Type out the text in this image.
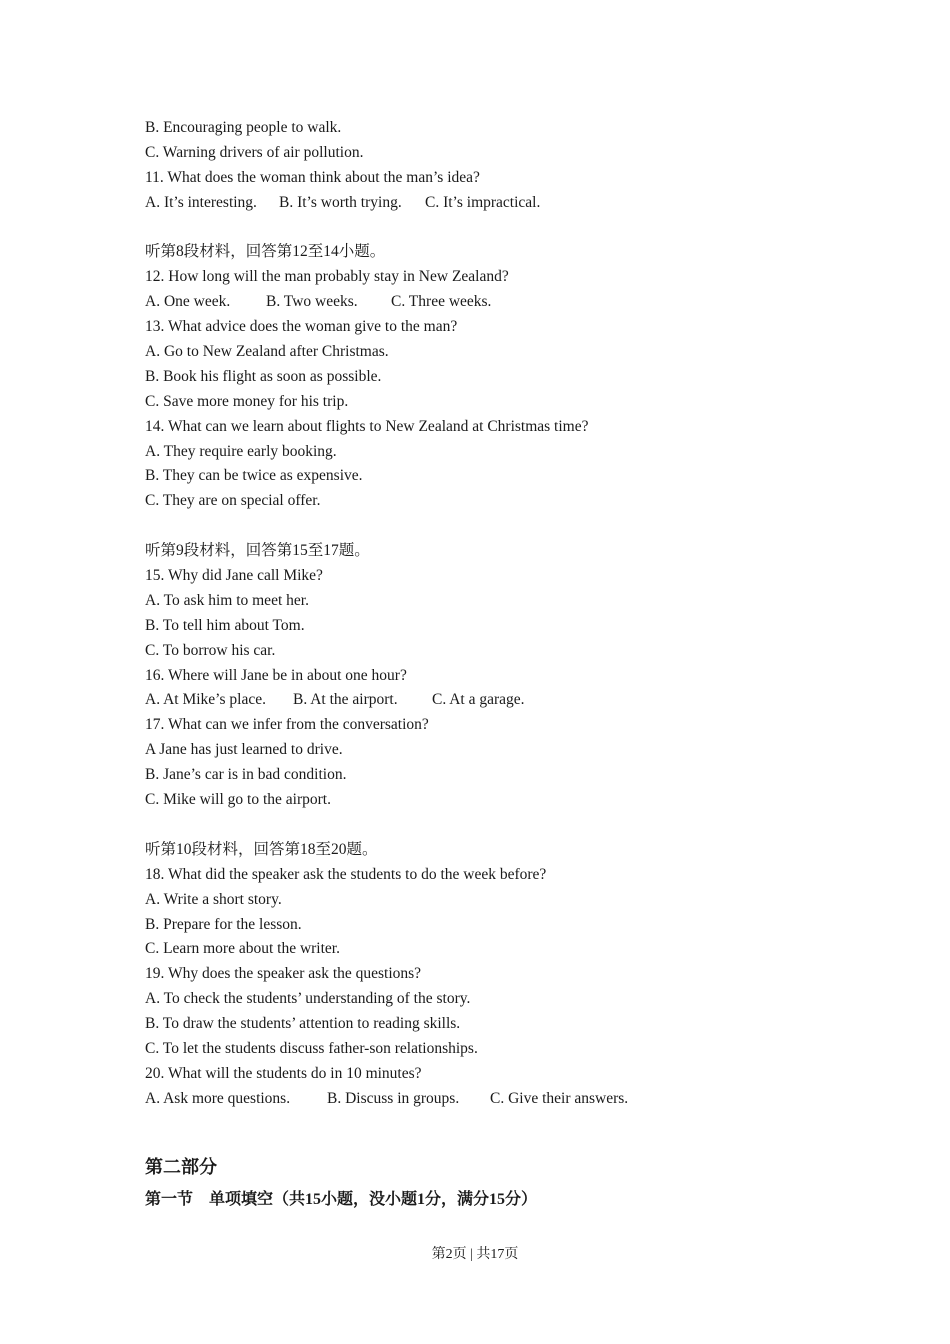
B. Encouraging people to walk.
C. Warning drivers of air pollution.
11. What does the woman think about the man’s idea?
A. It’s interesting. B. It’s worth trying. C. It’s impractical.
听第8段材料，回答第12至14小题。
12. How long will the man probably stay in New Zealand?
A. One week. B. Two weeks. C. Three weeks.
13. What advice does the woman give to the man?
A. Go to New Zealand after Christmas.
B. Book his flight as soon as possible.
C. Save more money for his trip.
14. What can we learn about flights to New Zealand at Christmas time?
A. They require early booking.
B. They can be twice as expensive.
C. They are on special offer.
听第9段材料，回答第15至17题。
15. Why did Jane call Mike?
A. To ask him to meet her.
B. To tell him about Tom.
C. To borrow his car.
16. Where will Jane be in about one hour?
A. At Mike’s place. B. At the airport. C. At a garage.
17. What can we infer from the conversation?
A Jane has just learned to drive.
B. Jane’s car is in bad condition.
C. Mike will go to the airport.
听第10段材料，回答第18至20题。
18. What did the speaker ask the students to do the week before?
A. Write a short story.
B. Prepare for the lesson.
C. Learn more about the writer.
19. Why does the speaker ask the questions?
A. To check the students’ understanding of the story.
B. To draw the students’ attention to reading skills.
C. To let the students discuss father-son relationships.
20. What will the students do in 10 minutes?
A. Ask more questions. B. Discuss in groups. C. Give their answers.
第二部分
第一节　单项填空（共15小题，没小题1分，满分15分）
第2页 | 共17页
